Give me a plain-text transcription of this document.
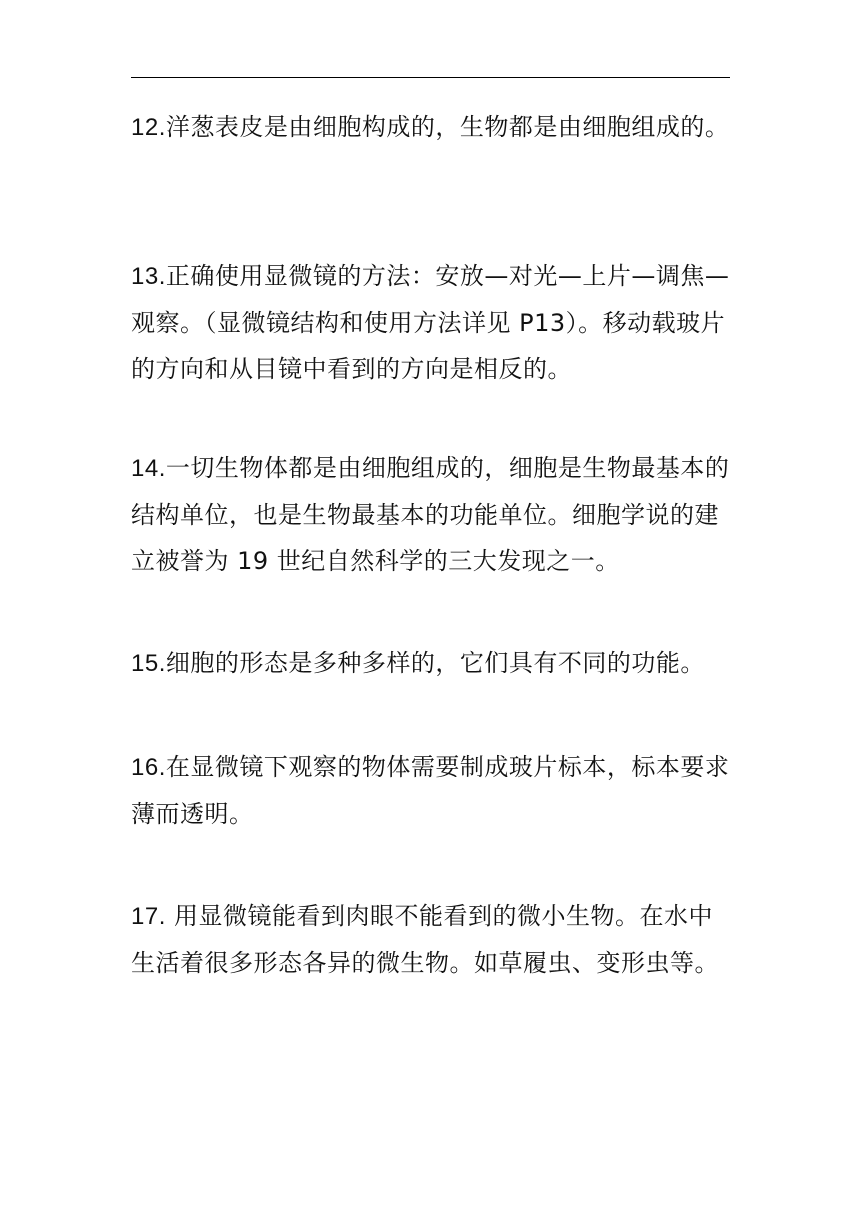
12.洋葱表皮是由细胞构成的，生物都是由细胞组成的。

13.正确使用显微镜的方法：安放—对光—上片—调焦—观察。（显微镜结构和使用方法详见 P13）。移动载玻片的方向和从目镜中看到的方向是相反的。

14.一切生物体都是由细胞组成的，细胞是生物最基本的结构单位，也是生物最基本的功能单位。细胞学说的建立被誉为 19 世纪自然科学的三大发现之一。

15.细胞的形态是多种多样的，它们具有不同的功能。

16.在显微镜下观察的物体需要制成玻片标本，标本要求薄而透明。

17. 用显微镜能看到肉眼不能看到的微小生物。在水中生活着很多形态各异的微生物。如草履虫、变形虫等。
